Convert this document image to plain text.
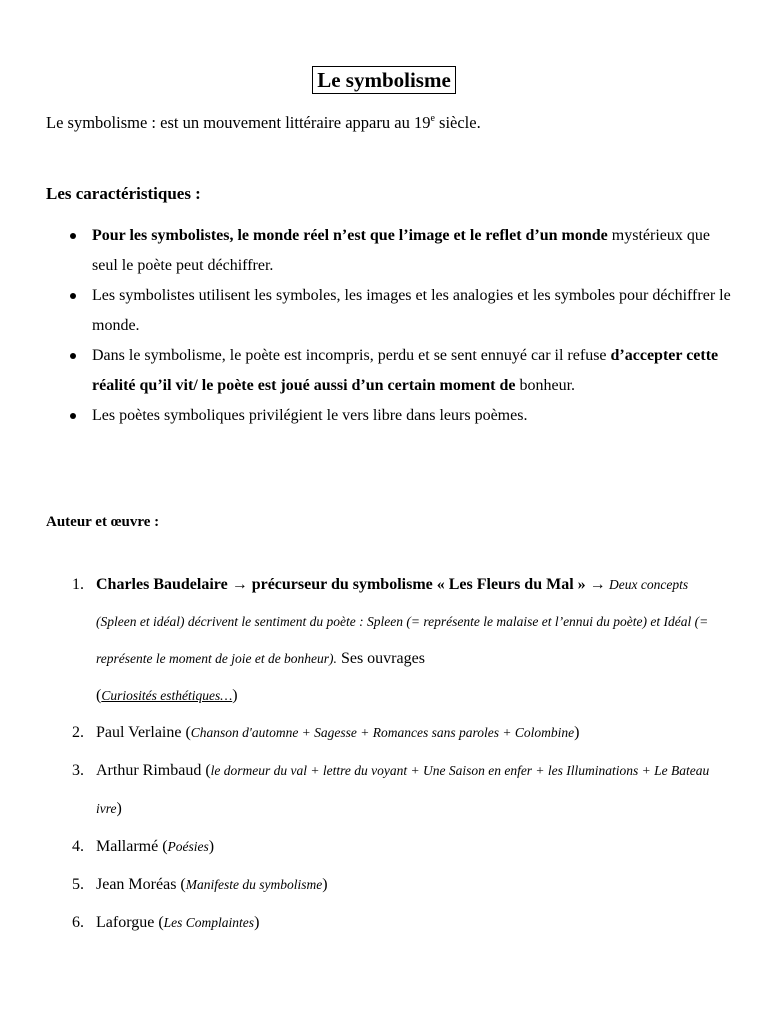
Le symbolisme
Le symbolisme : est un mouvement littéraire apparu au 19e siècle.
Les caractéristiques :
Pour les symbolistes, le monde réel n’est que l’image et le reflet d’un monde mystérieux que seul le poète peut déchiffrer.
Les symbolistes utilisent les symboles, les images et les analogies et les symboles pour déchiffrer le monde.
Dans le symbolisme, le poète est incompris, perdu et se sent ennuyé car il refuse d’accepter cette réalité qu’il vit/ le poète est joué aussi d’un certain moment de bonheur.
Les poètes symboliques privilégient le vers libre dans leurs poèmes.
Auteur et œuvre :
1. Charles Baudelaire → précurseur du symbolisme « Les Fleurs du Mal » → Deux concepts (Spleen et idéal) décrivent le sentiment du poète : Spleen (= représente le malaise et l’ennui du poète) et Idéal (= représente le moment de joie et de bonheur). Ses ouvrages
(Curiosités esthétiques…)
2. Paul Verlaine (Chanson d'automne + Sagesse + Romances sans paroles + Colombine)
3. Arthur Rimbaud (le dormeur du val + lettre du voyant + Une Saison en enfer + les Illuminations + Le Bateau ivre)
4. Mallarmé (Poésies)
5. Jean Moréas (Manifeste du symbolisme)
6. Laforgue (Les Complaintes)
